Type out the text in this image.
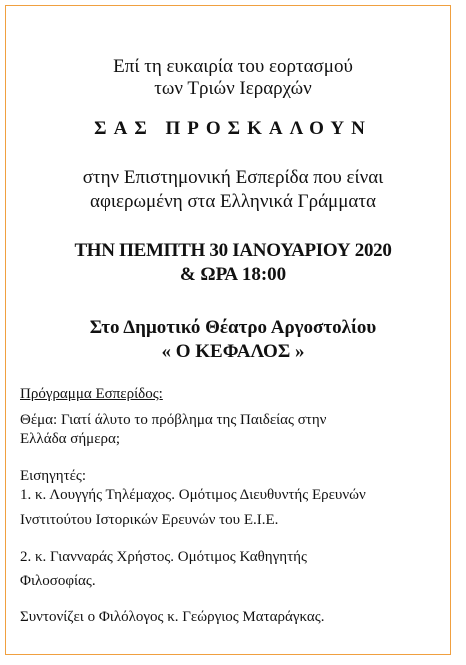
Επί τη ευκαιρία του εορτασμού
των Τριών Ιεραρχών
ΣΑΣ ΠΡΟΣΚΑΛΟΥΝ
στην Επιστημονική Εσπερίδα που είναι
αφιερωμένη στα Ελληνικά Γράμματα
ΤΗΝ ΠΕΜΠΤΗ 30 ΙΑΝΟΥΑΡΙΟΥ 2020
& ΩΡΑ 18:00
Στο Δημοτικό Θέατρο Αργοστολίου
« Ο ΚΕΦΑΛΟΣ »
Πρόγραμμα Εσπερίδος:
Θέμα: Γιατί άλυτο το πρόβλημα της Παιδείας στην
Ελλάδα σήμερα;
Εισηγητές:
1. κ. Λουγγής Τηλέμαχος. Ομότιμος Διευθυντής Ερευνών
Ινστιτούτου Ιστορικών Ερευνών του Ε.Ι.Ε.
2. κ. Γιανναράς Χρήστος. Ομότιμος Καθηγητής
Φιλοσοφίας.
Συντονίζει ο Φιλόλογος κ. Γεώργιος Ματαράγκας.
